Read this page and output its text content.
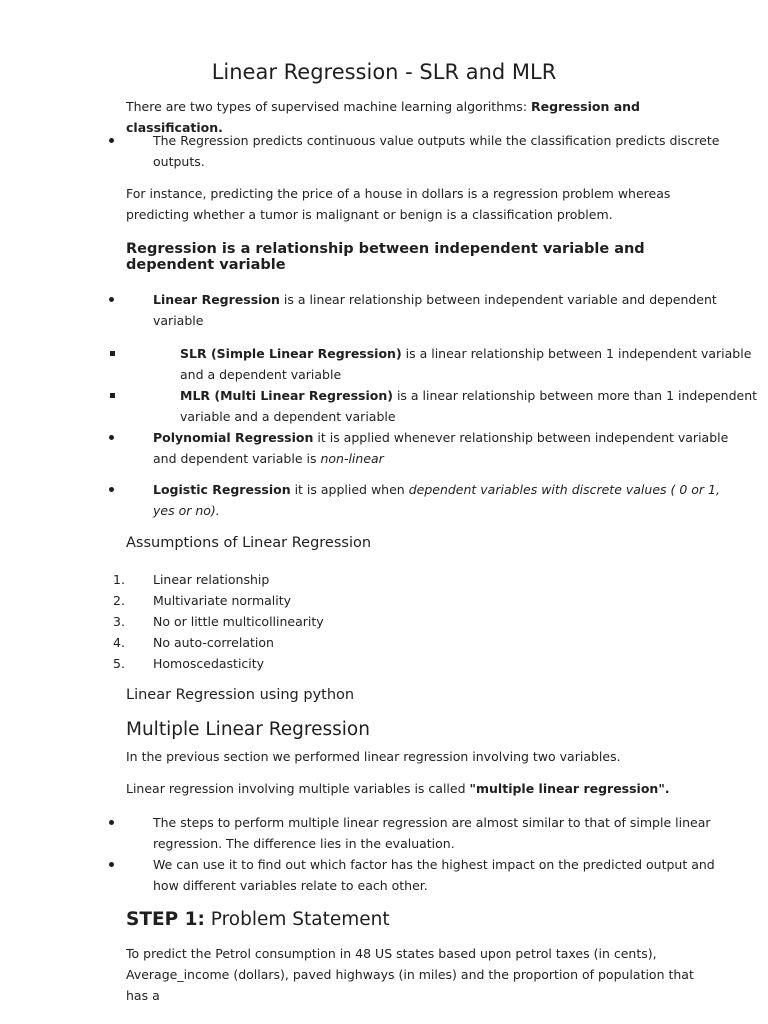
Linear Regression - SLR and MLR

There are two types of supervised machine learning algorithms: Regression and classification.

The Regression predicts continuous value outputs while the classification predicts discrete outputs.

For instance, predicting the price of a house in dollars is a regression problem whereas predicting whether a tumor is malignant or benign is a classification problem.

Regression is a relationship between independent variable and dependent variable
Linear Regression is a linear relationship between independent variable and dependent variable
SLR (Simple Linear Regression) is a linear relationship between 1 independent variable and a dependent variable
MLR (Multi Linear Regression) is a linear relationship between more than 1 independent variable and a dependent variable
Polynomial Regression it is applied whenever relationship between independent variable and dependent variable is non-linear
Logistic Regression it is applied when dependent variables with discrete values ( 0 or 1, yes or no).
Assumptions of Linear Regression
1. Linear relationship
2. Multivariate normality
3. No or little multicollinearity
4. No auto-correlation
5. Homoscedasticity
Linear Regression using python
Multiple Linear Regression

In the previous section we performed linear regression involving two variables.

Linear regression involving multiple variables is called "multiple linear regression".

The steps to perform multiple linear regression are almost similar to that of simple linear regression. The difference lies in the evaluation.
We can use it to find out which factor has the highest impact on the predicted output and how different variables relate to each other.
STEP 1: Problem Statement

To predict the Petrol consumption in 48 US states based upon petrol taxes (in cents), Average_income (dollars), paved highways (in miles) and the proportion of population that has a
